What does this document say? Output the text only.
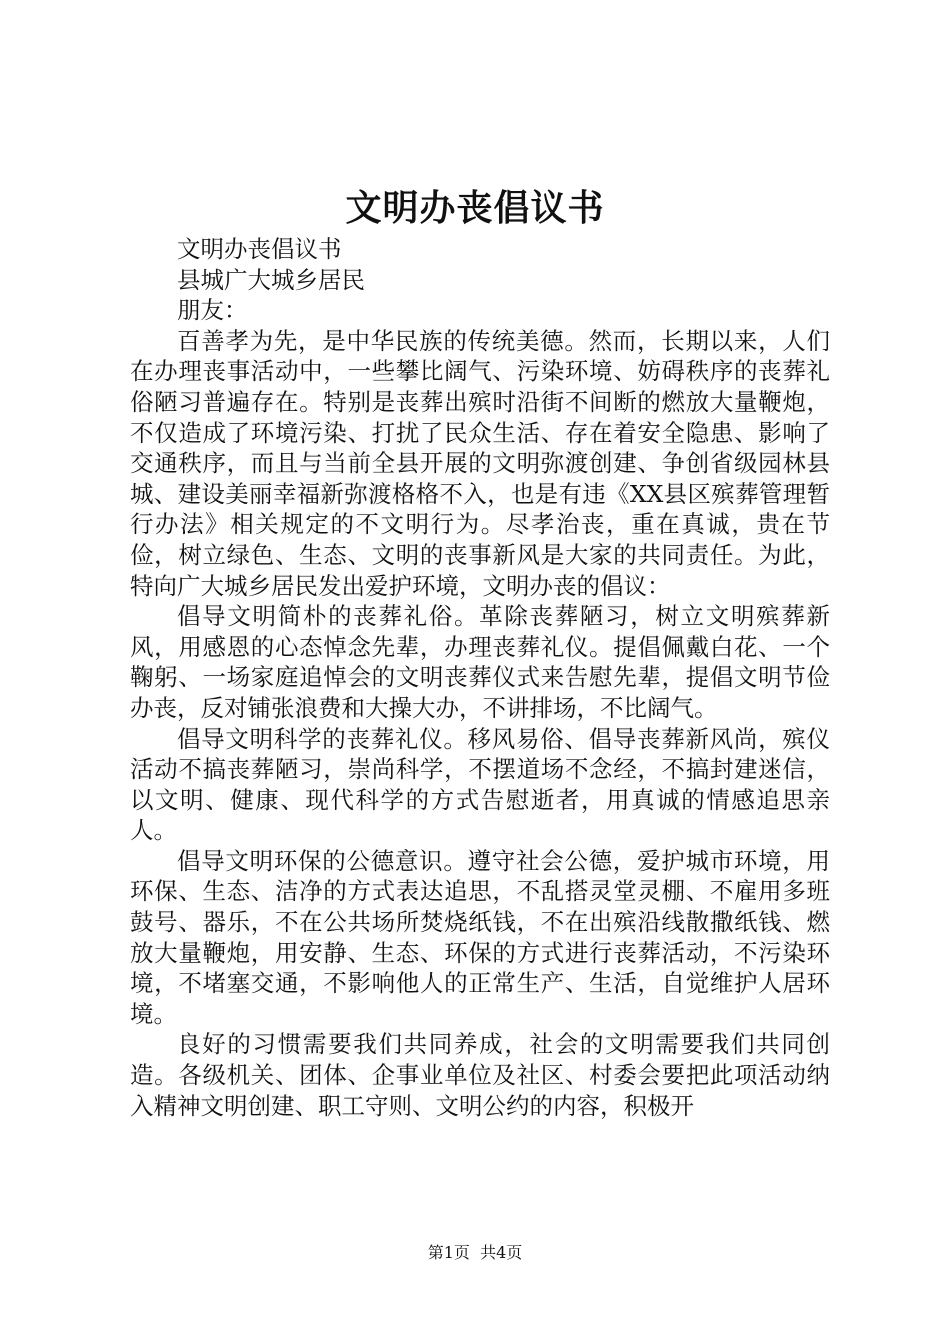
文明办丧倡议书

文明办丧倡议书

县城广大城乡居民

朋友：

百善孝为先，是中华民族的传统美德。然而，长期以来，人们在办理丧事活动中，一些攀比阔气、污染环境、妨碍秩序的丧葬礼俗陋习普遍存在。特别是丧葬出殡时沿街不间断的燃放大量鞭炮，不仅造成了环境污染、打扰了民众生活、存在着安全隐患、影响了交通秩序，而且与当前全县开展的文明弥渡创建、争创省级园林县城、建设美丽幸福新弥渡格格不入，也是有违《XX县区殡葬管理暂行办法》相关规定的不文明行为。尽孝治丧，重在真诚，贵在节俭，树立绿色、生态、文明的丧事新风是大家的共同责任。为此，特向广大城乡居民发出爱护环境，文明办丧的倡议：

倡导文明简朴的丧葬礼俗。革除丧葬陋习，树立文明殡葬新风，用感恩的心态悼念先辈，办理丧葬礼仪。提倡佩戴白花、一个鞠躬、一场家庭追悼会的文明丧葬仪式来告慰先辈，提倡文明节俭办丧，反对铺张浪费和大操大办，不讲排场，不比阔气。

倡导文明科学的丧葬礼仪。移风易俗、倡导丧葬新风尚，殡仪活动不搞丧葬陋习，崇尚科学，不摆道场不念经，不搞封建迷信，以文明、健康、现代科学的方式告慰逝者，用真诚的情感追思亲人。

倡导文明环保的公德意识。遵守社会公德，爱护城市环境，用环保、生态、洁净的方式表达追思，不乱搭灵堂灵棚、不雇用多班鼓号、器乐，不在公共场所焚烧纸钱，不在出殡沿线散撒纸钱、燃放大量鞭炮，用安静、生态、环保的方式进行丧葬活动，不污染环境，不堵塞交通，不影响他人的正常生产、生活，自觉维护人居环境。

良好的习惯需要我们共同养成，社会的文明需要我们共同创造。各级机关、团体、企事业单位及社区、村委会要把此项活动纳入精神文明创建、职工守则、文明公约的内容，积极开

第1页 共4页
